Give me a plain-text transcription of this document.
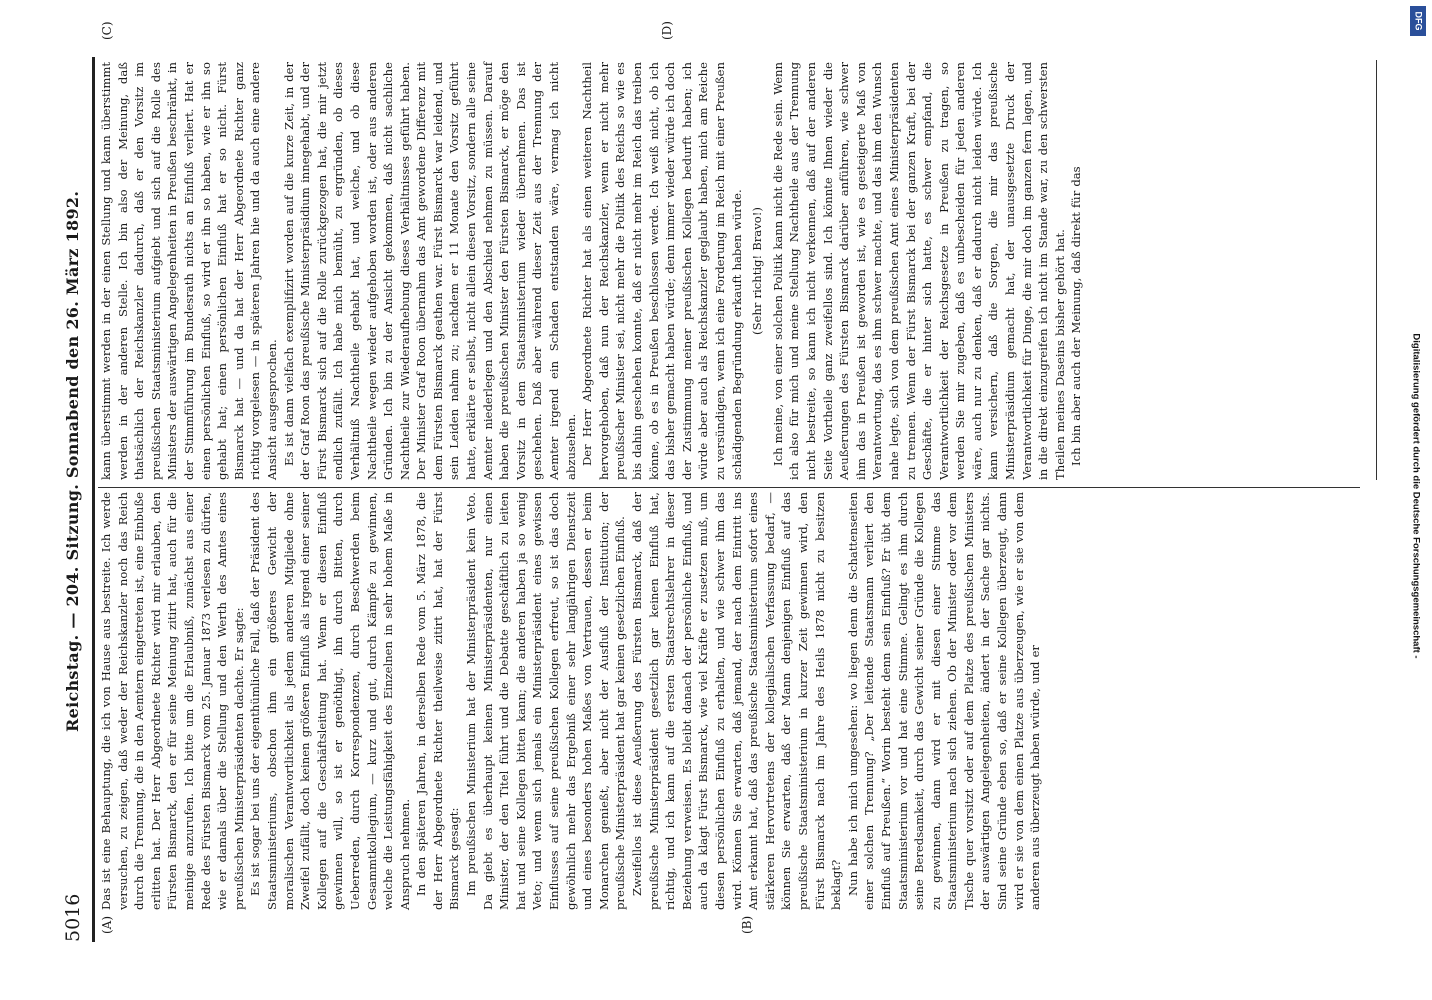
5016
Reichstag. — 204. Sitzung. Sonnabend den 26. März 1892.
(A)	(B)
(C)	(D)

Das ist eine Behauptung, die ich von Hause aus bestreite. Ich werde versuchen, zu zeigen, daß weder der Reichskanzler noch das Reich durch die Trennung, die in den Aemtern eingetreten ist, eine Einbuße erlitten hat. Der Herr Abgeordnete Richter wird mir erlauben, den Fürsten Bismarck, den er für seine Meinung zitirt hat, auch für die meinige anzurufen. Ich bitte um die Erlaubniß, zunächst aus einer Rede des Fürsten Bismarck vom 25. Januar 1873 verlesen zu dürfen, wie er damals über die Stellung und den Werth des Amtes eines preußischen Ministerpräsidenten dachte. Er sagte: Es ist sogar bei uns der eigenthümliche Fall, daß der Präsident des Staatsministeriums, obschon ihm ein größeres Gewicht der moralischen Verantwortlichkeit als jedem anderen Mitgliede ohne Zweifel zufällt, doch keinen größeren Einfluß als irgend einer seiner Kollegen auf die Geschäftsleitung hat. Wenn er diesen Einfluß gewinnen will, so ist er genöthigt, ihn durch Bitten, durch Ueberreden, durch Korrespondenzen, durch Beschwerden beim Gesammtkollegium, — kurz und gut, durch Kämpfe zu gewinnen, welche die Leistungsfähigkeit des Einzelnen in sehr hohem Maße in Anspruch nehmen. In den späteren Jahren, in derselben Rede vom 5. März 1878, die der Herr Abgeordnete Richter theilweise zitirt hat, hat der Fürst Bismarck gesagt: Im preußischen Ministerium hat der Ministerpräsident kein Veto. Da giebt es überhaupt keinen Ministerpräsidenten, nur einen Minister, der den Titel führt und die Debatte geschäftlich zu leiten hat und seine Kollegen bitten kann; die anderen haben ja so wenig Veto; und wenn sich jemals ein Ministerpräsident eines gewissen Einflusses auf seine preußischen Kollegen erfreut, so ist das doch gewöhnlich mehr das Ergebniß einer sehr langjährigen Dienstzeit und eines besonders hohen Maßes von Vertrauen, dessen er beim Monarchen genießt, aber nicht der Ausfluß der Institution; der preußische Ministerpräsident hat gar keinen gesetzlichen Einfluß. Zweifellos ist diese Aeußerung des Fürsten Bismarck, daß der preußische Ministerpräsident gesetzlich gar keinen Einfluß hat, richtig, und ich kann auf die ersten Staatsrechtslehrer in dieser Beziehung verweisen. Es bleibt danach der persönliche Einfluß, und auch da klagt Fürst Bismarck, wie viel Kräfte er zusetzen muß, um diesen persönlichen Einfluß zu erhalten, und wie schwer ihm das wird. Können Sie erwarten, daß jemand, der nach dem Eintritt ins Amt erkannt hat, daß das preußische Staatsministerium sofort eines stärkeren Hervortretens der kollegialischen Verfassung bedarf, — können Sie erwarten, daß der Mann denjenigen Einfluß auf das preußische Staatsministerium in kurzer Zeit gewinnen wird, den Fürst Bismarck nach im Jahre des Heils 1878 nicht zu besitzen beklagt? Nun habe ich mich umgesehen: wo liegen denn die Schattenseiten einer solchen Trennung? „Der leitende Staatsmann verliert den Einfluß auf Preußen.“ Worin besteht denn sein Einfluß? Er übt dem Staatsministerium vor und hat eine Stimme. Gelingt es ihm durch seine Beredsamkeit, durch das Gewicht seiner Gründe die Kollegen zu gewinnen, dann wird er mit diesen einer Stimme das Staatsministerium nach sich ziehen. Ob der Minister oder vor dem Tische quer vorsitzt oder auf dem Platze des preußischen Ministers der auswärtigen Angelegenheiten, ändert in der Sache gar nichts. Sind seine Gründe eben so, daß er seine Kollegen überzeugt, dann wird er sie von dem einen Platze aus überzeugen, wie er sie von dem anderen aus überzeugt haben würde, und er

kann überstimmt werden in der einen Stellung und kann überstimmt werden in der anderen Stelle. Ich bin also der Meinung, daß thatsächlich der Reichskanzler dadurch, daß er den Vorsitz im preußischen Staatsministerium aufgiebt und sich auf die Rolle des Ministers der auswärtigen Angelegenheiten in Preußen beschränkt, in der Stimmführung im Bundesrath nichts an Einfluß verliert. Hat er einen persönlichen Einfluß, so wird er ihn so haben, wie er ihn so gehabt hat; einen persönlichen Einfluß hat er so nicht. Fürst Bismarck hat — und da hat der Herr Abgeordnete Richter ganz richtig vorgelesen — in späteren Jahren hie und da auch eine andere Ansicht ausgesprochen. Es ist dann vielfach exemplifizirt worden auf die kurze Zeit, in der der Graf Roon das preußische Ministerpräsidium innegehabt, und der Fürst Bismarck sich auf die Rolle zurückgezogen hat, die mir jetzt endlich zufällt. Ich habe mich bemüht, zu ergründen, ob dieses Verhältniß Nachtheile gehabt hat, und welche, und ob diese Nachtheile wegen wieder aufgehoben worden ist, oder aus anderen Gründen. Ich bin zu der Ansicht gekommen, daß nicht sachliche Nachtheile zur Wiederaufhebung dieses Verhältnisses geführt haben. Der Minister Graf Roon übernahm das Amt gewordene Differenz mit dem Fürsten Bismarck geathen war. Fürst Bismarck war leidend, und sein Leiden nahm zu; nachdem er 11 Monate den Vorsitz geführt hatte, erklärte er selbst, nicht allein diesen Vorsitz, sondern alle seine Aemter niederlegen und den Abschied nehmen zu müssen. Darauf haben die preußischen Minister den Fürsten Bismarck, er möge den Vorsitz in dem Staatsministerium wieder übernehmen. Das ist geschehen. Daß aber während dieser Zeit aus der Trennung der Aemter irgend ein Schaden entstanden wäre, vermag ich nicht abzusehen. Der Herr Abgeordnete Richter hat als einen weiteren Nachtheil hervorgehoben, daß nun der Reichskanzler, wenn er nicht mehr preußischer Minister sei, nicht mehr die Politik des Reichs so wie es bis dahin geschehen konnte, daß er nicht mehr im Reich das treiben könne, ob es in Preußen beschlossen werde. Ich weiß nicht, ob ich das bisher gemacht haben würde; denn immer wieder würde ich doch der Zustimmung meiner preußischen Kollegen bedurft haben; ich würde aber auch als Reichskanzler geglaubt haben, mich am Reiche zu versündigen, wenn ich eine Forderung im Reich mit einer Preußen schädigenden Begründung erkauft haben würde. (Sehr richtig! Bravo!) Ich meine, von einer solchen Politik kann nicht die Rede sein. Wenn ich also für mich und meine Stellung Nachtheile aus der Trennung nicht bestreite, so kann ich nicht verkennen, daß auf der anderen Seite Vortheile ganz zweifellos sind. Ich könnte Ihnen wieder die Aeußerungen des Fürsten Bismarck darüber anführen, wie schwer ihm das in Preußen ist geworden ist, wie es gesteigerte Maß von Verantwortung, das es ihm schwer machte, und das ihm den Wunsch nahe legte, sich von dem preußischen Amt eines Ministerpräsidenten zu trennen. Wenn der Fürst Bismarck bei der ganzen Kraft, bei der Geschäfte, die er hinter sich hatte, es schwer empfand, die Verantwortlichkeit der Reichsgesetze in Preußen zu tragen, so werden Sie mir zugeben, daß es unbescheiden für jeden anderen wäre, auch nur zu denken, daß er dadurch nicht leiden würde. Ich kann versichern, daß die Sorgen, die mir das preußische Ministerpräsidium gemacht hat, der unausgesetzte Druck der Verantwortlichkeit für Dinge, die mir doch im ganzen fern lagen, und in die direkt einzugreifen ich nicht im Stande war, zu den schwersten Theilen meines Daseins bisher gehört hat. Ich bin aber auch der Meinung, daß direkt für das

DFG
Digitalisierung gefördert durch die Deutsche Forschungsgemeinschaft -
